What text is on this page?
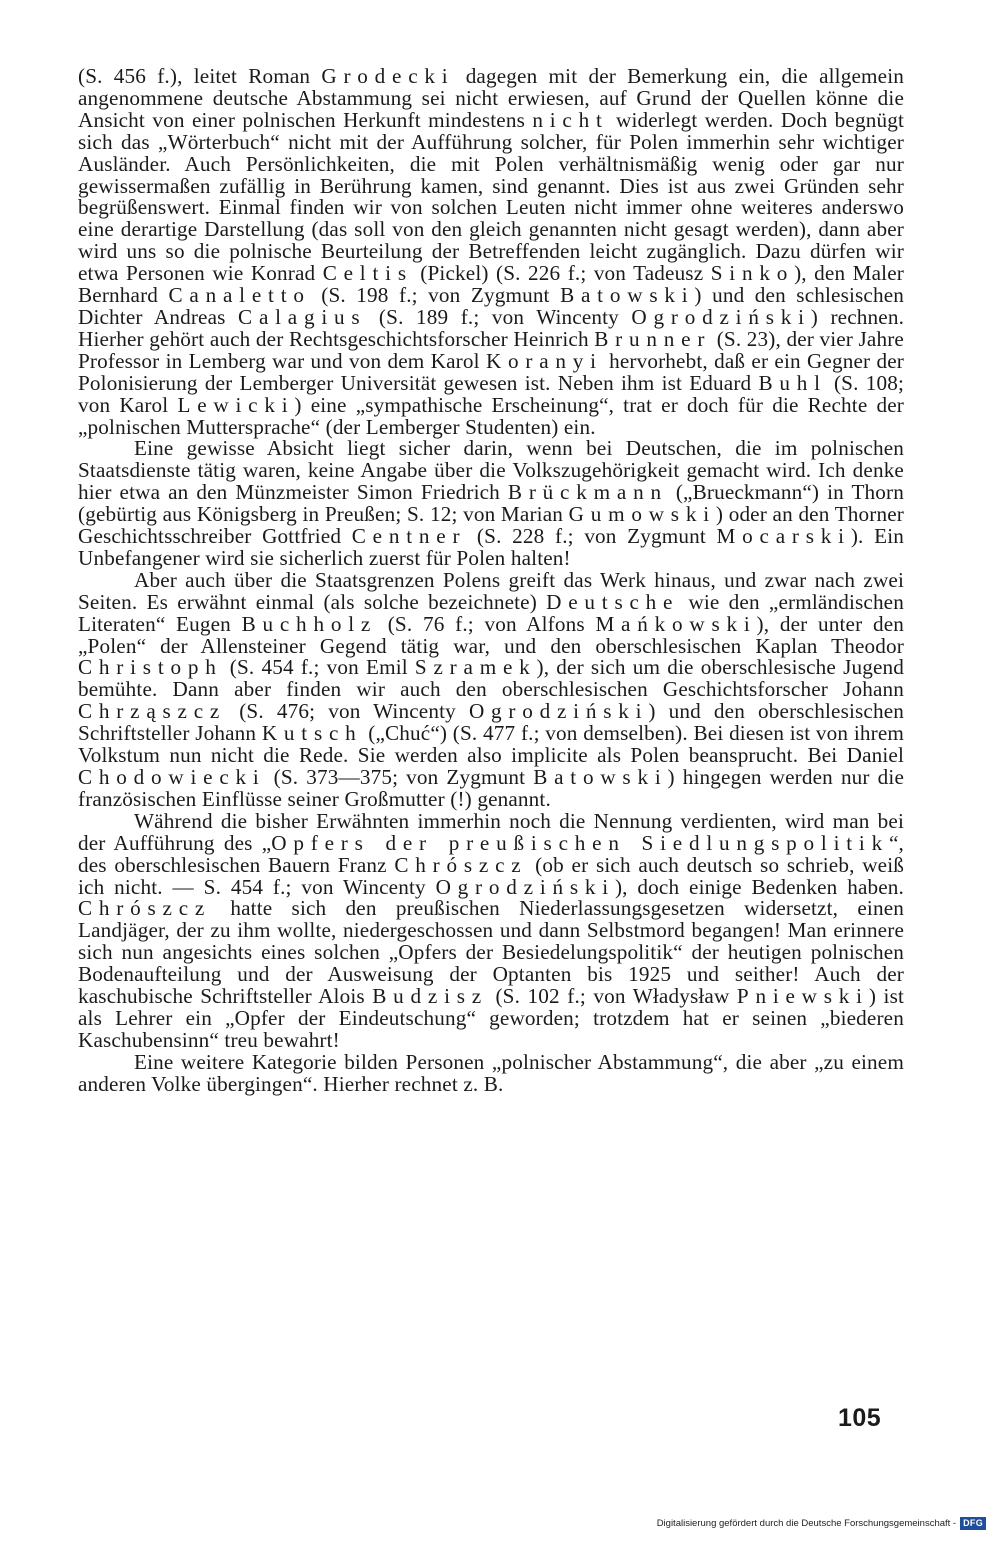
(S. 456 f.), leitet Roman Grodecki dagegen mit der Bemerkung ein, die allgemein angenommene deutsche Abstammung sei nicht erwiesen, auf Grund der Quellen könne die Ansicht von einer polnischen Herkunft mindestens nicht widerlegt werden. Doch begnügt sich das „Wörterbuch“ nicht mit der Aufführung solcher, für Polen immerhin sehr wichtiger Ausländer. Auch Persönlichkeiten, die mit Polen verhältnismäßig wenig oder gar nur gewissermaßen zufällig in Berührung kamen, sind genannt. Dies ist aus zwei Gründen sehr begrüßenswert. Einmal finden wir von solchen Leuten nicht immer ohne weiteres anderswo eine derartige Darstellung (das soll von den gleich genannten nicht gesagt werden), dann aber wird uns so die polnische Beurteilung der Betreffenden leicht zugänglich. Dazu dürfen wir etwa Personen wie Konrad Celtis (Pickel) (S. 226 f.; von Tadeusz Sinko), den Maler Bernhard Canaletto (S. 198 f.; von Zygmunt Batowski) und den schlesischen Dichter Andreas Calagius (S. 189 f.; von Wincenty Ogrodziński) rechnen. Hierher gehört auch der Rechtsgeschichtsforscher Heinrich Brunner (S. 23), der vier Jahre Professor in Lemberg war und von dem Karol Koranyi hervorhebt, daß er ein Gegner der Polonisierung der Lemberger Universität gewesen ist. Neben ihm ist Eduard Buhl (S. 108; von Karol Lewicki) eine „sympathische Erscheinung“, trat er doch für die Rechte der „polnischen Muttersprache“ (der Lemberger Studenten) ein.

Eine gewisse Absicht liegt sicher darin, wenn bei Deutschen, die im polnischen Staatsdienste tätig waren, keine Angabe über die Volkszugehörigkeit gemacht wird. Ich denke hier etwa an den Münzmeister Simon Friedrich Brückmann („Brueckmann“) in Thorn (gebürtig aus Königsberg in Preußen; S. 12; von Marian Gumowski) oder an den Thorner Geschichtsschreiber Gottfried Centner (S. 228 f.; von Zygmunt Mocarski). Ein Unbefangener wird sie sicherlich zuerst für Polen halten!

Aber auch über die Staatsgrenzen Polens greift das Werk hinaus, und zwar nach zwei Seiten. Es erwähnt einmal (als solche bezeichnete) Deutsche wie den „ermländischen Literaten“ Eugen Buchholz (S. 76 f.; von Alfons Mańkowski), der unter den „Polen“ der Allensteiner Gegend tätig war, und den oberschlesischen Kaplan Theodor Christoph (S. 454 f.; von Emil Szramek), der sich um die oberschlesische Jugend bemühte. Dann aber finden wir auch den oberschlesischen Geschichtsforscher Johann Chrząszcz (S. 476; von Wincenty Ogrodziński) und den oberschlesischen Schriftsteller Johann Kutsch („Chuć“) (S. 477 f.; von demselben). Bei diesen ist von ihrem Volkstum nun nicht die Rede. Sie werden also implicite als Polen beansprucht. Bei Daniel Chodowiecki (S. 373—375; von Zygmunt Batowski) hingegen werden nur die französischen Einflüsse seiner Großmutter (!) genannt.

Während die bisher Erwähnten immerhin noch die Nennung verdienten, wird man bei der Aufführung des „Opfers der preußischen Siedlungspolitik“, des oberschlesischen Bauern Franz Chrószcz (ob er sich auch deutsch so schrieb, weiß ich nicht. — S. 454 f.; von Wincenty Ogrodziński), doch einige Bedenken haben. Chrószcz hatte sich den preußischen Niederlassungsgesetzen widersetzt, einen Landjäger, der zu ihm wollte, niedergeschossen und dann Selbstmord begangen! Man erinnere sich nun angesichts eines solchen „Opfers der Besiedelungspolitik“ der heutigen polnischen Bodenaufteilung und der Ausweisung der Optanten bis 1925 und seither! Auch der kaschubische Schriftsteller Alois Budzisz (S. 102 f.; von Władysław Pniewski) ist als Lehrer ein „Opfer der Eindeutschung“ geworden; trotzdem hat er seinen „biederen Kaschubensinn“ treu bewahrt!

Eine weitere Kategorie bilden Personen „polnischer Abstammung“, die aber „zu einem anderen Volke übergingen“. Hierher rechnet z. B.

105
Digitalisierung gefördert durch die Deutsche Forschungsgemeinschaft - DFG
